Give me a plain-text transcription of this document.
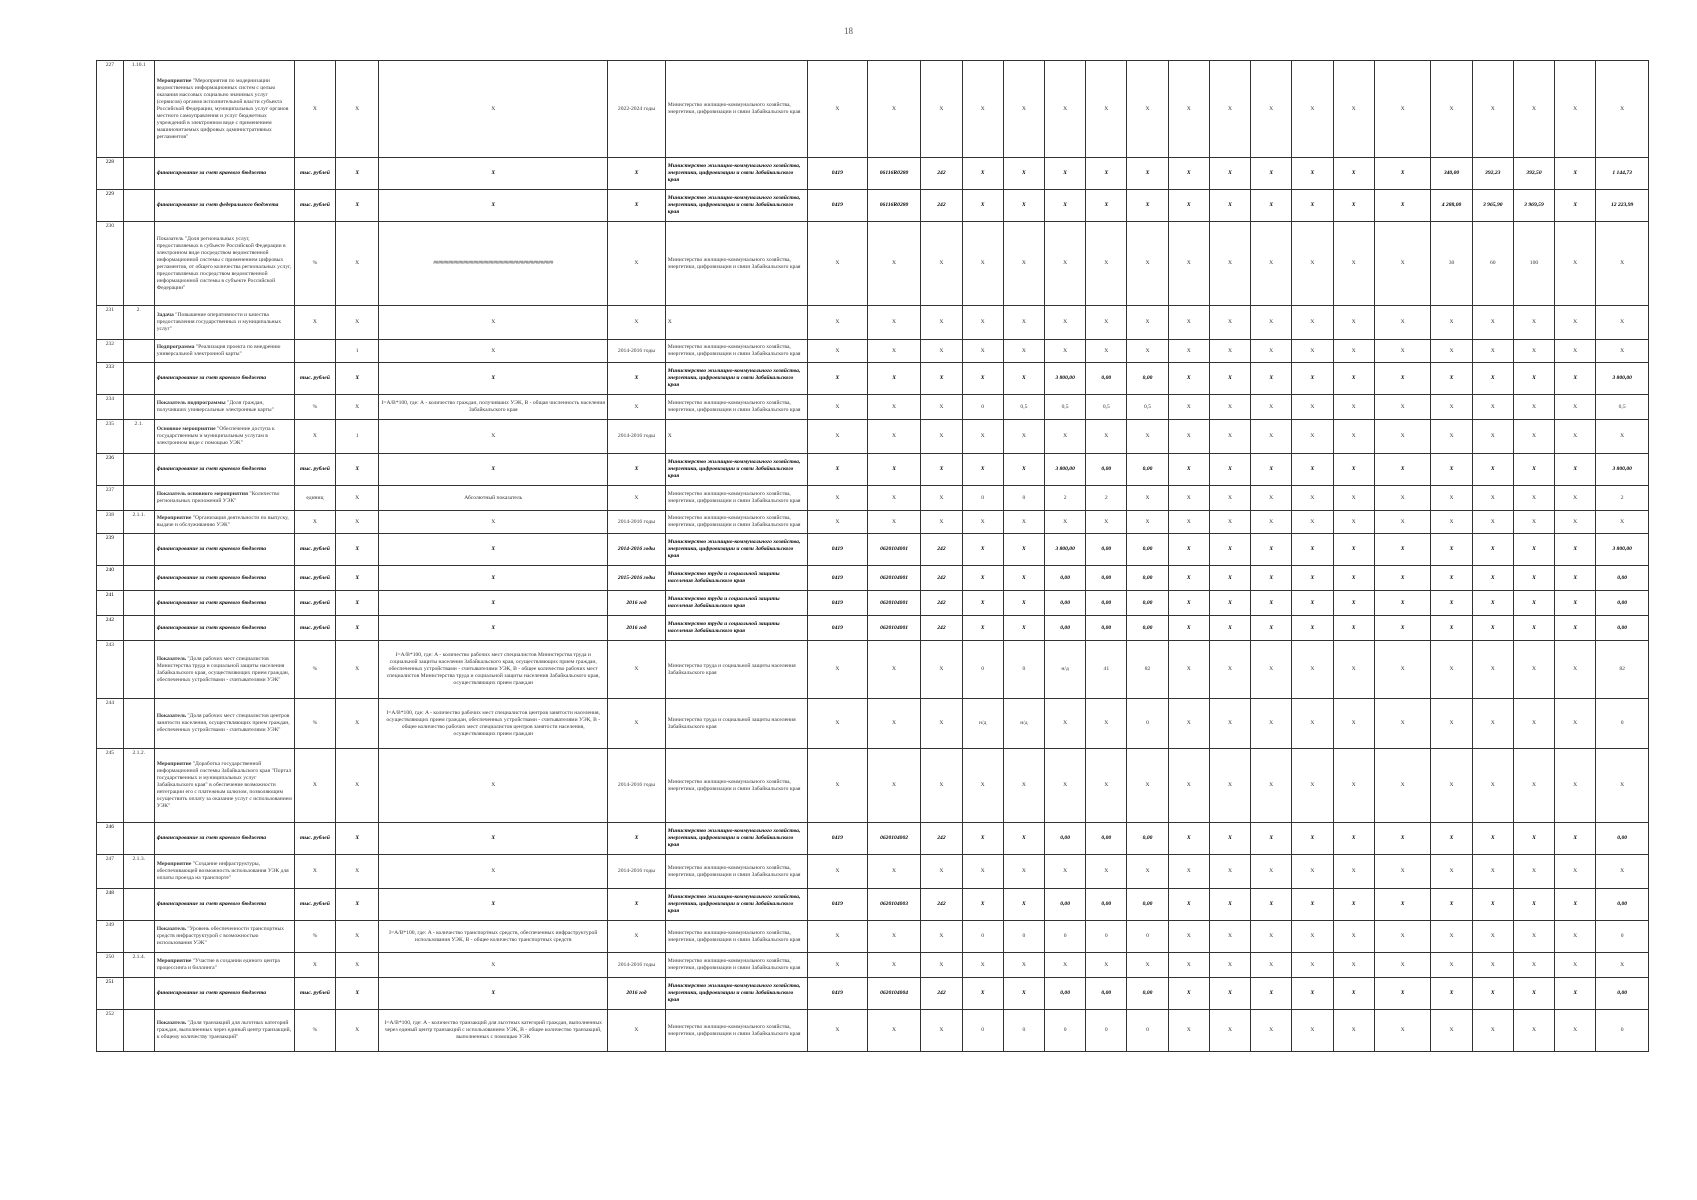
18
227	1.10.1	Мероприятие "Мероприятия по модернизации ведомственных информационных систем с целью оказания массовых социально значимых услуг (сервисов) органов исполнительной власти субъекта Российской Федерации, муниципальных услуг органов местного самоуправления и услуг бюджетных учреждений в электронном виде с применением машиночитаемых цифровых административных регламентов"	X	X	X	2022-2024 годы	Министерство жилищно-коммунального хозяйства, энергетики, цифровизации и связи Забайкальского края	X	X	X	X	X	X	X	X	X	X	X	X	X	X	X	X	X	X	X
228		финансирование за счет краевого бюджета	тыс. рублей	X	X	X	Министерство жилищно-коммунального хозяйства, энергетики, цифровизации и связи Забайкальского края	0419	06116R0280	242	X	X	X	X	X	X	X	X	X	X	X	340,00	392,23	392,50	X	1 144,73
229		финансирование за счет федерального бюджета	тыс. рублей	X	X	X	Министерство жилищно-коммунального хозяйства, энергетики, цифровизации и связи Забайкальского края	0419	06116R0280	242	X	X	X	X	X	X	X	X	X	X	X	4 288,00	3 965,90	3 969,59	X	12 223,99
230		Показатель "Доля региональных услуг, предоставляемых в субъекте Российской Федерации в электронном виде посредством ведомственной информационной системы с применением цифровых регламентов, от общего количества региональных услуг, предоставляемых посредством ведомственной информационной системы в субъекте Российской Федерации"	%	X	################################################	X	Министерство жилищно-коммунального хозяйства, энергетики, цифровизации и связи Забайкальского края	X	X	X	X	X	X	X	X	X	X	X	X	X	X	30	60	100	X	X
231	2.	Задача "Повышение оперативности и качества предоставления государственных и муниципальных услуг"	X	X	X	X	X	X	X	X	X	X	X	X	X	X	X	X	X	X	X	X	X	X	X	X
232		Подпрограмма "Реализация проекта по внедрению универсальной электронной карты"		1	X	2014-2016 годы	Министерство жилищно-коммунального хозяйства, энергетики, цифровизации и связи Забайкальского края	X	X	X	X	X	X	X	X	X	X	X	X	X	X	X	X	X	X	X
233		финансирование за счет краевого бюджета	тыс. рублей	X	X	X	Министерство жилищно-коммунального хозяйства, энергетики, цифровизации и связи Забайкальского края	X	X	X	X	X	3 800,00	0,00	0,00	X	X	X	X	X	X	X	X	X	X	3 800,00
234		Показатель подпрограммы "Доля граждан, получивших универсальные электронные карты"	%	X	I=A/B*100, где: A - количество граждан, получивших УЭК, B - общая численность населения Забайкальского края	X	Министерство жилищно-коммунального хозяйства, энергетики, цифровизации и связи Забайкальского края	X	X	X	0	0,5	0,5	0,5	0,5	X	X	X	X	X	X	X	X	X	X	0,5
235	2.1.	Основное мероприятие "Обеспечение доступа к государственным и муниципальным услугам в электронном виде с помощью УЭК"	X	1	X	2014-2016 годы	X	X	X	X	X	X	X	X	X	X	X	X	X	X	X	X	X	X	X	X
236		финансирование за счет краевого бюджета	тыс. рублей	X	X	X	Министерство жилищно-коммунального хозяйства, энергетики, цифровизации и связи Забайкальского края	X	X	X	X	X	3 800,00	0,00	0,00	X	X	X	X	X	X	X	X	X	X	3 800,00
237		Показатель основного мероприятия "Количество региональных приложений УЭК"	единиц	X	Абсолютный показатель	X	Министерство жилищно-коммунального хозяйства, энергетики, цифровизации и связи Забайкальского края	X	X	X	0	0	2	2	X	X	X	X	X	X	X	X	X	X	X	2
238	2.1.1.	Мероприятие "Организация деятельности по выпуску, выдаче и обслуживанию УЭК"	X	X	X	2014-2016 годы	Министерство жилищно-коммунального хозяйства, энергетики, цифровизации и связи Забайкальского края	X	X	X	X	X	X	X	X	X	X	X	X	X	X	X	X	X	X	X
239		финансирование за счет краевого бюджета	тыс. рублей	X	X	2014-2016 годы	Министерство жилищно-коммунального хозяйства, энергетики, цифровизации и связи Забайкальского края	0419	0620104001	242	X	X	3 800,00	0,00	0,00	X	X	X	X	X	X	X	X	X	X	3 800,00
240		финансирование за счет краевого бюджета	тыс. рублей	X	X	2015-2016 годы	Министерство труда и социальной защиты населения Забайкальского края	0419	0620104001	242	X	X	0,00	0,00	0,00	X	X	X	X	X	X	X	X	X	X	0,00
241		финансирование за счет краевого бюджета	тыс. рублей	X	X	2016 год	Министерство труда и социальной защиты населения Забайкальского края	0419	0620104001	242	X	X	0,00	0,00	0,00	X	X	X	X	X	X	X	X	X	X	0,00
242		финансирование за счет краевого бюджета	тыс. рублей	X	X	2016 год	Министерство труда и социальной защиты населения Забайкальского края	0419	0620104001	242	X	X	0,00	0,00	0,00	X	X	X	X	X	X	X	X	X	X	0,00
243		Показатель "Доля рабочих мест специалистов Министерства труда и социальной защиты населения Забайкальского края, осуществляющих прием граждан, обеспеченных устройствами - считывателями УЭК"	%	X	I=A/B*100, где: A - количество рабочих мест специалистов Министерства труда и социальной защиты населения Забайкальского края, осуществляющих прием граждан, обеспеченных устройствами - считывателями УЭК, B - общее количество рабочих мест специалистов Министерства труда и социальной защиты населения Забайкальского края, осуществляющих прием граждан	X	Министерство труда и социальной защиты населения Забайкальского края	X	X	X	0	0	н/д	41	82	X	X	X	X	X	X	X	X	X	X	82
244		Показатель "Доля рабочих мест специалистов центров занятости населения, осуществляющих прием граждан, обеспеченных устройствами - считывателями УЭК"	%	X	I=A/B*100, где: A - количество рабочих мест специалистов центров занятости населения, осуществляющих прием граждан, обеспеченных устройствами - считывателями УЭК, B - общее количество рабочих мест специалистов центров занятости населения, осуществляющих прием граждан	X	Министерство труда и социальной защиты населения Забайкальского края	X	X	X	н/д	н/д	X	X	0	X	X	X	X	X	X	X	X	X	X	0
245	2.1.2.	Мероприятие "Доработка государственной информационной системы Забайкальского края "Портал государственных и муниципальных услуг Забайкальского края" в обеспечение возможности интеграции его с платежным шлюзом, позволяющим осуществить оплату за оказание услуг с использованием УЭК"	X	X	X	2014-2016 годы	Министерство жилищно-коммунального хозяйства, энергетики, цифровизации и связи Забайкальского края	X	X	X	X	X	X	X	X	X	X	X	X	X	X	X	X	X	X	X
246		финансирование за счет краевого бюджета	тыс. рублей	X	X	X	Министерство жилищно-коммунального хозяйства, энергетики, цифровизации и связи Забайкальского края	0419	0620104002	242	X	X	0,00	0,00	0,00	X	X	X	X	X	X	X	X	X	X	0,00
247	2.1.3.	Мероприятие "Создание инфраструктуры, обеспечивающей возможность использования УЭК для оплаты проезда на транспорте"	X	X	X	2014-2016 годы	Министерство жилищно-коммунального хозяйства, энергетики, цифровизации и связи Забайкальского края	X	X	X	X	X	X	X	X	X	X	X	X	X	X	X	X	X	X	X
248		финансирование за счет краевого бюджета	тыс. рублей	X	X	X	Министерство жилищно-коммунального хозяйства, энергетики, цифровизации и связи Забайкальского края	0419	0620104003	242	X	X	0,00	0,00	0,00	X	X	X	X	X	X	X	X	X	X	0,00
249		Показатель "Уровень обеспеченности транспортных средств инфраструктурой с возможностью использования УЭК"	%	X	I=A/B*100, где: A - количество транспортных средств, обеспеченных инфраструктурой использования УЭК, B - общее количество транспортных средств	X	Министерство жилищно-коммунального хозяйства, энергетики, цифровизации и связи Забайкальского края	X	X	X	0	0	0	0	0	X	X	X	X	X	X	X	X	X	X	0
250	2.1.4.	Мероприятие "Участие в создании единого центра процессинга и биллинга"	X	X	X	2014-2016 годы	Министерство жилищно-коммунального хозяйства, энергетики, цифровизации и связи Забайкальского края	X	X	X	X	X	X	X	X	X	X	X	X	X	X	X	X	X	X	X
251		финансирование за счет краевого бюджета	тыс. рублей	X	X	2016 год	Министерство жилищно-коммунального хозяйства, энергетики, цифровизации и связи Забайкальского края	0419	0620104004	242	X	X	0,00	0,00	0,00	X	X	X	X	X	X	X	X	X	X	0,00
252		Показатель "Доля транзакций для льготных категорий граждан, выполненных через единый центр транзакций, к общему количеству транзакций"	%	X	I=A/B*100, где: A - количество транзакций для льготных категорий граждан, выполненных через единый центр транзакций с использованием УЭК, B - общее количество транзакций, выполненных с помощью УЭК	X	Министерство жилищно-коммунального хозяйства, энергетики, цифровизации и связи Забайкальского края	X	X	X	0	0	0	0	0	X	X	X	X	X	X	X	X	X	X	0
